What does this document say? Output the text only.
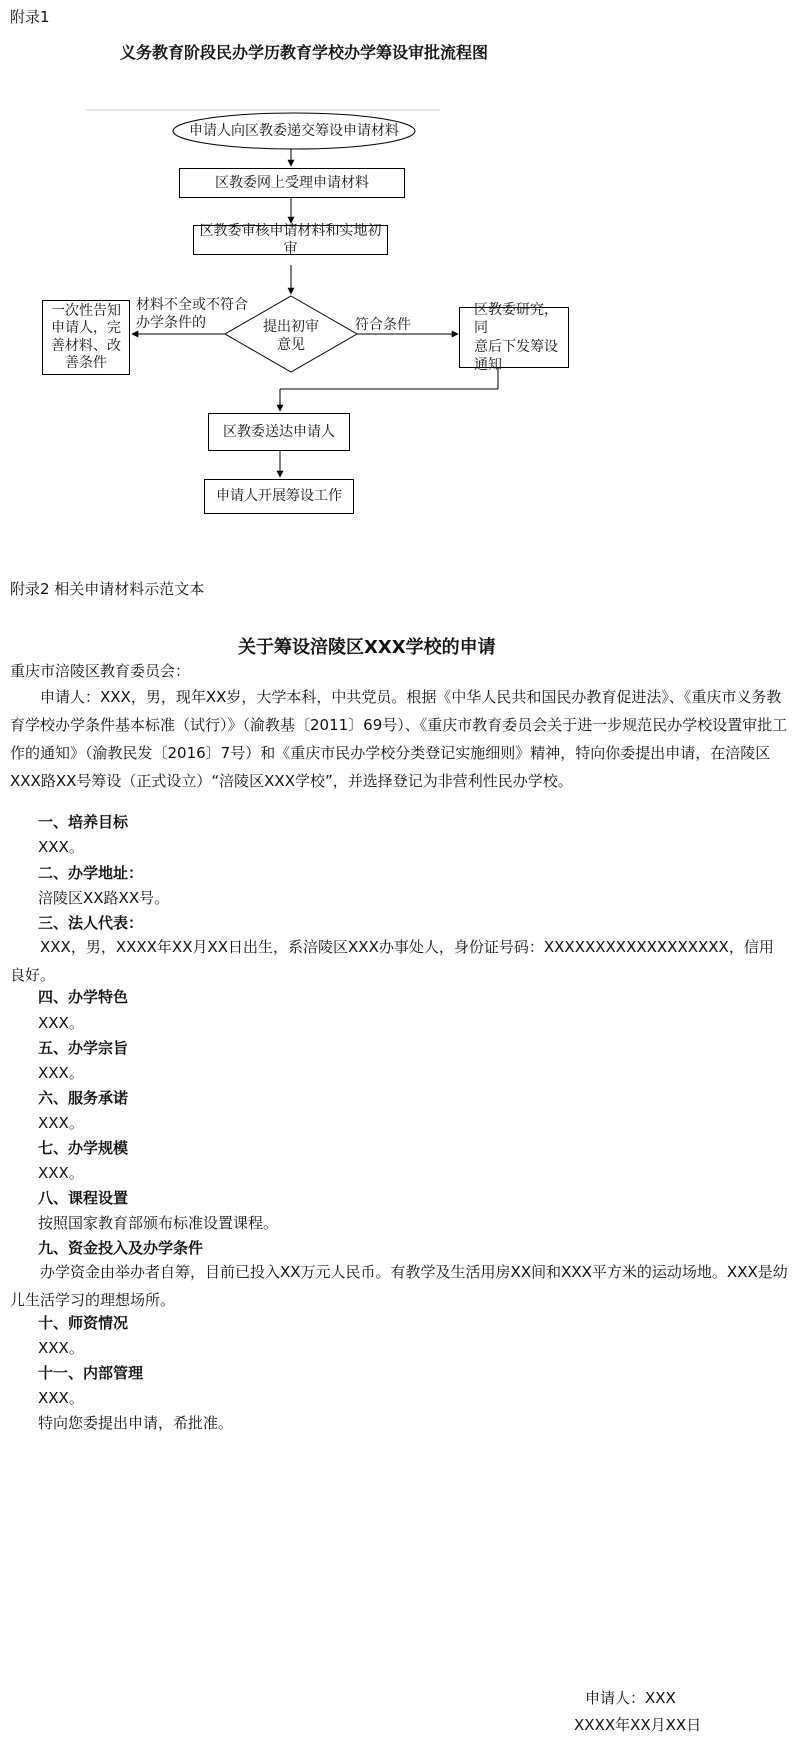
附录1
义务教育阶段民办学历教育学校办学筹设审批流程图
申请人向区教委递交筹设申请材料
区教委网上受理申请材料
区教委审核申请材料和实地初审
提出初审
意见
材料不全或不符合
办学条件的
一次性告知
申请人，完
善材料、改
善条件
符合条件
区教委研究，同
意后下发筹设
通知
区教委送达申请人
申请人开展筹设工作
附录2 相关申请材料示范文本
关于筹设涪陵区XXX学校的申请
重庆市涪陵区教育委员会：
　　申请人：XXX，男，现年XX岁，大学本科，中共党员。根据《中华人民共和国民办教育促进法》、《重庆市义务教育学校办学条件基本标准（试行）》（渝教基〔2011〕69号）、《重庆市教育委员会关于进一步规范民办学校设置审批工作的通知》（渝教民发〔2016〕7号）和《重庆市民办学校分类登记实施细则》精神，特向你委提出申请，在涪陵区XXX路XX号筹设（正式设立）“涪陵区XXX学校”，并选择登记为非营利性民办学校。
一、培养目标
XXX。
二、办学地址：
涪陵区XX路XX号。
三、法人代表：
　　XXX，男，XXXX年XX月XX日出生，系涪陵区XXX办事处人，身份证号码：XXXXXXXXXXXXXXXXXX，信用良好。
四、办学特色
XXX。
五、办学宗旨
XXX。
六、服务承诺
XXX。
七、办学规模
XXX。
八、课程设置
按照国家教育部颁布标准设置课程。
九、资金投入及办学条件
　　办学资金由举办者自筹，目前已投入XX万元人民币。有教学及生活用房XX间和XXX平方米的运动场地。XXX是幼儿生活学习的理想场所。
十、师资情况
XXX。
十一、内部管理
XXX。
特向您委提出申请，希批准。
申请人：XXX
XXXX年XX月XX日
